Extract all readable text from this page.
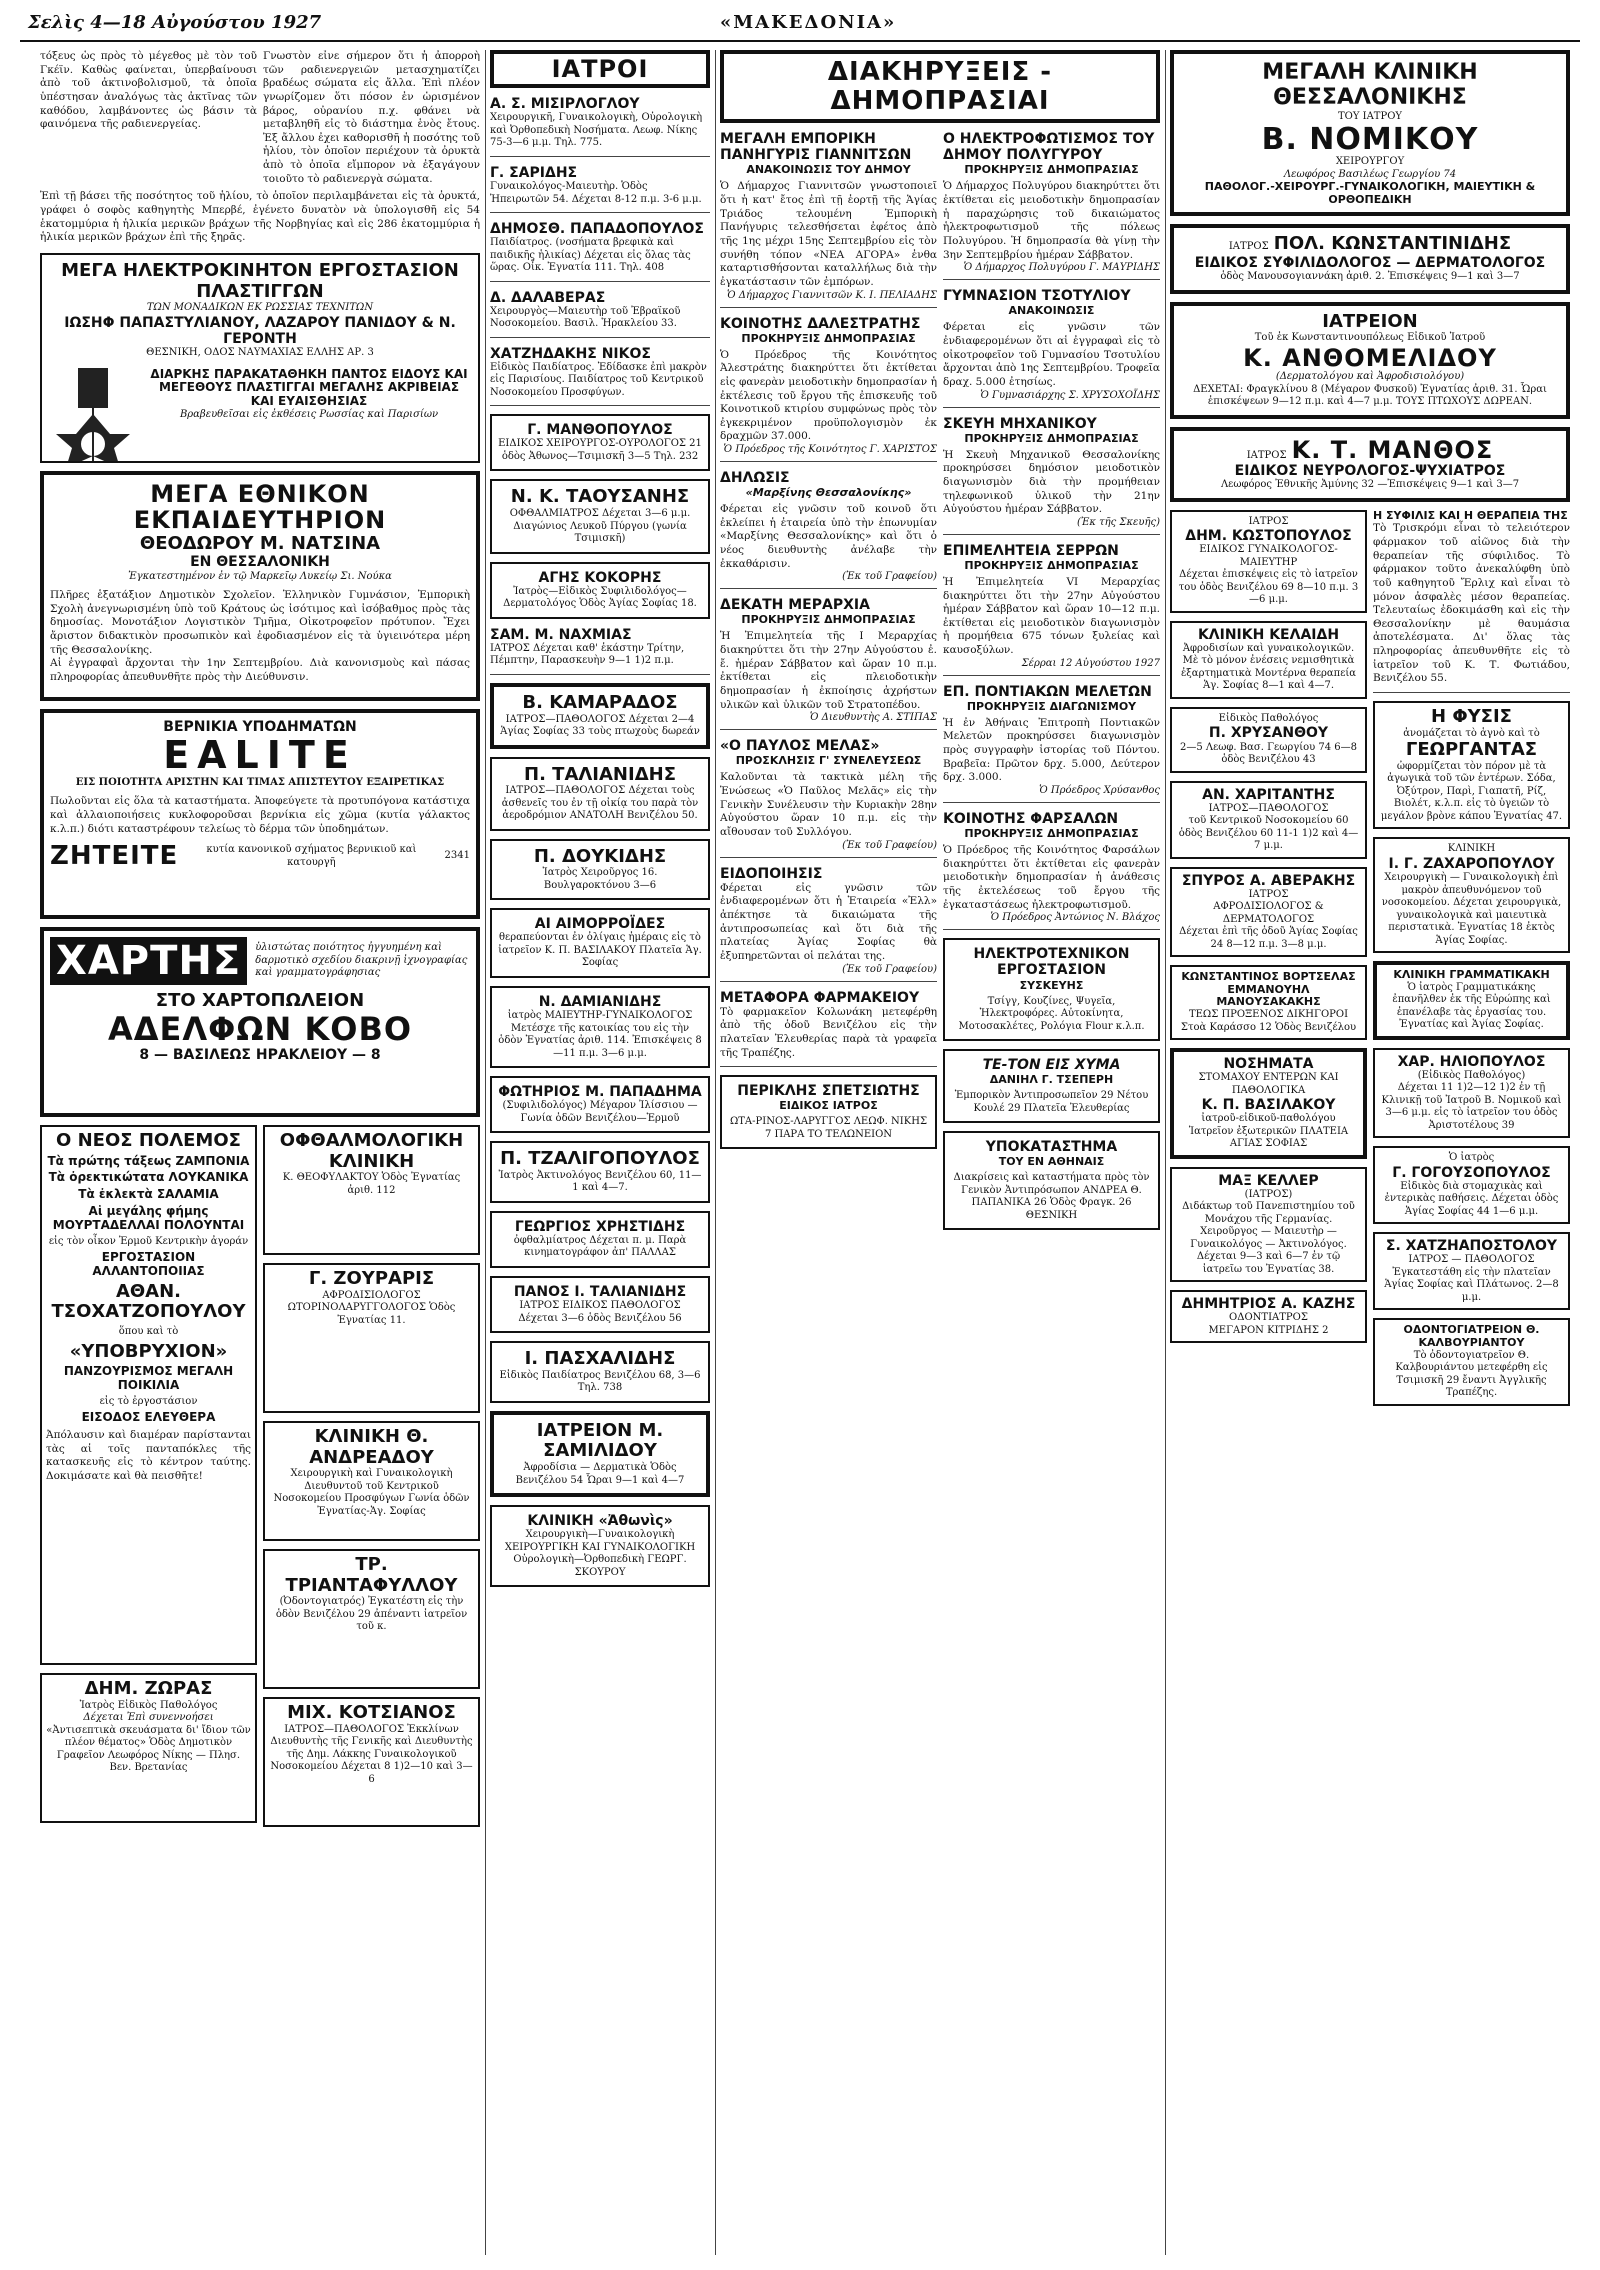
Σελὶς 4—18 Αὐγούστου 1927	«ΜΑΚΕΔΟΝΙΑ»
τόξευς ὡς πρὸς τὸ μέγεθος μὲ τὸν τοῦ Γκέϊν. Καθὼς φαίνεται, ὑπερβαίνουσι ἀπὸ τοῦ ἀκτινοβολισμοῦ, τὰ ὁποῖα ὑπέστησαν ἀναλόγως τὰς ἀκτῖνας τῶν καθόδου, λαμβάνοντες ὡς βάσιν τὰ φαινόμενα τῆς ραδιενεργείας.
Γνωστὸν εἶνε σήμερον ὅτι ἡ ἀπορροὴ τῶν ραδιενεργειῶν μετασχηματίζει βραδέως σώματα εἰς ἄλλα. Ἐπὶ πλέον γνωρίζομεν ὅτι πόσον ἐν ὡρισμένον βάρος, οὐρανίου π.χ. φθάνει νὰ μεταβληθῆ εἰς τὸ διάστημα ἑνὸς ἔτους. Ἐξ ἄλλου ἐχει καθορισθῆ ἡ ποσότης τοῦ ἡλίου, τὸν ὁποῖον περιέχουν τὰ ὀρυκτὰ ἀπὸ τὸ ὁποῖα εἴμπορον νὰ ἐξαγάγουν τοιοῦτο τὸ ραδιενεργὰ σώματα.
Ἐπὶ τῇ βάσει τῆς ποσότητος τοῦ ἡλίου, τὸ ὁποῖον περιλαμβάνεται εἰς τὰ ὀρυκτά, γράφει ὁ σοφὸς καθηγητὴς Μπερβέ, ἐγένετο δυνατὸν νὰ ὑπολογισθῆ εἰς 54 ἑκατομμύρια ἡ ἡλικία μερικῶν βράχων τῆς Νορβηγίας καὶ εἰς 286 ἑκατομμύρια ἡ ἡλικία μερικῶν βράχων ἐπὶ τῆς ξηρᾶς.
ΜΕΓΑ ΗΛΕΚΤΡΟΚΙΝΗΤΟΝ ΕΡΓΟΣΤΑΣΙΟΝ ΠΛΑΣΤΙΓΓΩΝ
ΤΩΝ ΜΟΝΑΔΙΚΩΝ ΕΚ ΡΩΣΣΙΑΣ ΤΕΧΝΙΤΩΝ
ΙΩΣΗΦ ΠΑΠΑΣΤΥΛΙΑΝΟΥ, ΛΑΖΑΡΟΥ ΠΑΝΙΔΟΥ & Ν. ΓΕΡΟΝΤΗ
ΘΕΣΝΙΚΗ, ΟΔΟΣ ΝΑΥΜΑΧΙΑΣ ΕΛΛΗΣ ΑΡ. 3
ΔΙΑΡΚΗΣ ΠΑΡΑΚΑΤΑΘΗΚΗ ΠΑΝΤΟΣ ΕΙΔΟΥΣ ΚΑΙ ΜΕΓΕΘΟΥΣ ΠΛΑΣΤΙΓΓΑΙ ΜΕΓΑΛΗΣ ΑΚΡΙΒΕΙΑΣ ΚΑΙ ΕΥΑΙΣΘΗΣΙΑΣ
Βραβευθεῖσαι εἰς ἐκθέσεις Ρωσσίας καὶ Παρισίων
ΜΕΓΑ ΕΘΝΙΚΟΝ ΕΚΠΑΙΔΕΥΤΗΡΙΟΝ
ΘΕΟΔΩΡΟΥ Μ. ΝΑΤΣΙΝΑ
ΕΝ ΘΕΣΣΑΛΟΝΙΚΗ
Ἐγκατεστημένον ἐν τῷ Μαρκεῖῳ Λυκείῳ Σι. Νούκα
Πλῆρες ἑξατάξιον Δημοτικὸν Σχολεῖον. Ἑλληνικὸν Γυμνάσιον, Ἐμπορικὴ Σχολὴ ἀνεγνωρισμένη ὑπὸ τοῦ Κράτους ὡς ἰσότιμος καὶ ἰσόβαθμος πρὸς τὰς δημοσίας. Μονοτάξιον Λογιστικὸν Τμῆμα, Οἰκοτροφεῖον πρότυπον. Ἔχει ἄριστον διδακτικὸν προσωπικὸν καὶ ἐφοδιασμένον εἰς τὰ ὑγιεινότερα μέρη τῆς Θεσσαλονίκης.
Αἱ ἐγγραφαὶ ἄρχονται τὴν 1ην Σεπτεμβρίου. Διὰ κανονισμοὺς καὶ πάσας πληροφορίας ἀπευθυνθῆτε πρὸς τὴν Διεύθυνσιν.
ΒΕΡΝΙΚΙΑ ΥΠΟΔΗΜΑΤΩΝ
EALITE
ΕΙΣ ΠΟΙΟΤΗΤΑ ΑΡΙΣΤΗΝ ΚΑΙ ΤΙΜΑΣ ΑΠΙΣΤΕΥΤΟΥ ΕΞΑΙΡΕΤΙΚΑΣ
Πωλοῦνται εἰς ὅλα τὰ καταστήματα. Ἀποφεύγετε τὰ προτυπόγονα κατάστιχα καὶ ἀλλαιοποιήσεις κυκλοφοροῦσαι βερνίκια εἰς χῶμα (κυτία γάλακτος κ.λ.π.) διότι καταστρέφουν τελείως τὸ δέρμα τῶν ὑποδημάτων.
ΖΗΤΕΙΤΕ	κυτία κανονικοῦ σχήματος βερνικιοῦ καὶ κατουργῆ
2341
ΧΑΡΤΗΣ	ὑλιστώτας ποιότητος ἠγγυημένη καὶ δαρμοτικὸ σχεδίου διακρινῇ ἰχνογραφίας καὶ γραμματογράφησιας
ΣΤΟ ΧΑΡΤΟΠΩΛΕΙΟΝ
ΑΔΕΛΦΩΝ ΚΟΒΟ
8 — ΒΑΣΙΛΕΩΣ ΗΡΑΚΛΕΙΟΥ — 8
Ο ΝΕΟΣ ΠΟΛΕΜΟΣ
Τὰ πρώτης τάξεως ΖΑΜΠΟΝΙΑ
Τὰ ὀρεκτικώτατα ΛΟΥΚΑΝΙΚΑ
Τὰ ἐκλεκτὰ ΣΑΛΑΜΙΑ
Αἱ μεγάλης φήμης ΜΟΥΡΤΑΔΕΛΛΑΙ ΠΟΛΟΥΝΤΑΙ
εἰς τὸν οἶκον Ἐρμοῦ Κεντρικὴν ἀγοράν
ΕΡΓΟΣΤΑΣΙΟΝ ΑΛΛΑΝΤΟΠΟΙΙΑΣ
ΑΘΑΝ. ΤΣΟΧΑΤΖΟΠΟΥΛΟΥ
ὅπου καὶ τὸ
«ΥΠΟΒΡΥΧΙΟΝ»
ΠΑΝΖΟΥΡΙΣΜΟΣ ΜΕΓΑΛΗ ΠΟΙΚΙΛΙΑ
εἰς τὸ ἐργοστάσιον
ΕΙΣΟΔΟΣ ΕΛΕΥΘΕΡΑ
Ἀπόλαυσιν καὶ διαμέραν παρίστανται τὰς αἱ τοῖς πανταπόκλες τῆς κατασκευῆς εἰς τὸ κέντρον ταύτης. Δοκιμάσατε καὶ θὰ πεισθῆτε!
ΔΗΜ. ΖΩΡΑΣ
Ἰατρὸς Εἰδικὸς Παθολόγος
Δέχεται Ἐπὶ συνεννοήσει
«Ἀντισεπτικὰ σκευάσματα δι' ἴδιον τῶν πλέον θέματος» Ὁδὸς Δημοτικὸν Γραφεῖον Λεωφόρος Νίκης — Πλησ. Βεν. Βρετανίας
ΟΦΘΑΛΜΟΛΟΓΙΚΗ ΚΛΙΝΙΚΗ
Κ. ΘΕΟΦΥΛΑΚΤΟΥ Ὁδὸς Ἐγνατίας ἀριθ. 112
Γ. ΖΟΥΡΑΡΙΣ
ΑΦΡΟΔΙΣΙΟΛΟΓΟΣ ΩΤΟΡΙΝΟΛΑΡΥΓΓΟΛΟΓΟΣ Ὁδὸς Ἐγνατίας 11.
ΚΛΙΝΙΚΗ Θ. ΑΝΔΡΕΑΔΟΥ
Χειρουργικὴ καὶ Γυναικολογικὴ Διευθυντοῦ τοῦ Κεντρικοῦ Νοσοκομείου Προσφύγων Γωνία ὁδῶν Ἐγνατίας-Ἁγ. Σοφίας
ΤΡ. ΤΡΙΑΝΤΑΦΥΛΛΟΥ
(Ὀδοντογιατρός) Ἐγκατέστη εἰς τὴν ὁδὸν Βενιζέλου 29 ἀπέναντι ἰατρεῖον τοῦ κ.
ΜΙΧ. ΚΟΤΣΙΑΝΟΣ
ΙΑΤΡΟΣ—ΠΑΘΟΛΟΓΟΣ Ἐκκλίνων Διευθυντὴς τῆς Γενικῆς καὶ Διευθυντὴς τῆς Δημ. Λάκκης Γυναικολογικοῦ Νοσοκομείου Δέχεται 8 1)2—10 καὶ 3—6
ΙΑΤΡΟΙ
Α. Σ. ΜΙΣΙΡΛΟΓΛΟΥ
Χειρουργικῆ, Γυναικολογικὴ, Οὐρολογικὴ καὶ Ὀρθοπεδικὴ Νοσήματα. Λεωφ. Νίκης 75-3—6 μ.μ. Τηλ. 775.
Γ. ΣΑΡΙΔΗΣ
Γυναικολόγος-Μαιευτὴρ. Ὁδὸς Ἠπειρωτῶν 54. Δέχεται 8-12 π.μ. 3-6 μ.μ.
ΔΗΜΟΣΘ. ΠΑΠΑΔΟΠΟΥΛΟΣ
Παιδίατρος. (νοσήματα βρεφικὰ καὶ παιδικῆς ἡλικίας) Δέχεται εἰς ὅλας τὰς ὥρας. Οἶκ. Ἐγνατία 111. Τηλ. 408
Δ. ΔΑΛΑΒΕΡΑΣ
Χειρουργὸς—Μαιευτὴρ τοῦ Ἐβραϊκοῦ Νοσοκομείου. Βασιλ. Ἡρακλείου 33.
ΧΑΤΖΗΔΑΚΗΣ ΝΙΚΟΣ
Εἰδικὸς Παιδίατρος. Ἐδίδασκε ἐπὶ μακρὸν εἰς Παρισίους. Παιδίατρος τοῦ Κεντρικοῦ Νοσοκομείου Προσφύγων.
Γ. ΜΑΝΘΟΠΟΥΛΟΣ
ΕΙΔΙΚΟΣ ΧΕΙΡΟΥΡΓΟΣ-ΟΥΡΟΛΟΓΟΣ 21 ὁδὸς Ἀθωνος—Τσιμισκῆ 3—5 Τηλ. 232
Ν. Κ. ΤΑΟΥΣΑΝΗΣ
ΟΦΘΑΛΜΙΑΤΡΟΣ Δέχεται 3—6 μ.μ. Διαγώνιος Λευκοῦ Πύργου (γωνία Τσιμισκῆ)
ΑΓΗΣ ΚΟΚΟΡΗΣ
Ἰατρὸς—Εἰδικὸς Συφιλιδολόγος—Δερματολόγος Ὁδὸς Ἁγίας Σοφίας 18.
ΣΑΜ. Μ. ΝΑΧΜΙΑΣ
ΙΑΤΡΟΣ Δέχεται καθ' ἑκάστην Τρίτην, Πέμπτην, Παρασκευὴν 9—1 1)2 π.μ.
Β. ΚΑΜΑΡΑΔΟΣ
ΙΑΤΡΟΣ—ΠΑΘΟΛΟΓΟΣ Δέχεται 2—4 Ἁγίας Σοφίας 33 τοὺς πτωχοὺς δωρεάν
Π. ΤΑΛΙΑΝΙΔΗΣ
ΙΑΤΡΟΣ—ΠΑΘΟΛΟΓΟΣ Δέχεται τοὺς ἀσθενεῖς του ἐν τῇ οἰκίᾳ του παρὰ τὸν ἀεροδρόμιον ΑΝΑΤΟΛΗ Βενιζέλου 50.
Π. ΔΟΥΚΙΔΗΣ
Ἰατρὸς Χειροῦργος 16. Βουλγαροκτόνου 3—6
ΑΙ ΑΙΜΟΡΡΟΪΔΕΣ
θεραπεύονται ἐν ὀλίγαις ἡμέραις εἰς τὸ ἰατρεῖον Κ. Π. ΒΑΣΙΛΑΚΟΥ Πλατεῖα Ἁγ. Σοφίας
Ν. ΔΑΜΙΑΝΙΔΗΣ
ἰατρὸς ΜΑΙΕΥΤΗΡ-ΓΥΝΑΙΚΟΛΟΓΟΣ Μετέσχε τῆς κατοικίας του εἰς τὴν ὁδὸν Ἐγνατίας ἀριθ. 114. Ἐπισκέψεις 8—11 π.μ. 3—6 μ.μ.
ΦΩΤΗΡΙΟΣ Μ. ΠΑΠΑΔΗΜΑ
(Συφιλιδολόγος) Μέγαρον Ἰλίσσιου — Γωνία ὁδῶν Βενιζέλου—Ἑρμοῦ
Π. ΤΖΑΛΙΓΟΠΟΥΛΟΣ
Ἰατρὸς Ἀκτινολόγος Βενιζέλου 60, 11—1 καὶ 4—7.
ΓΕΩΡΓΙΟΣ ΧΡΗΣΤΙΔΗΣ
ὀφθαλμίατρος Δέχεται π. μ. Παρὰ κινηματογράφον ἀπ' ΠΑΛΛΑΣ
ΠΑΝΟΣ Ι. ΤΑΛΙΑΝΙΔΗΣ
ΙΑΤΡΟΣ ΕΙΔΙΚΟΣ ΠΑΘΟΛΟΓΟΣ Δέχεται 3—6 ὁδὸς Βενιζέλου 56
Ι. ΠΑΣΧΑΛΙΔΗΣ
Εἰδικὸς Παιδίατρος Βενιζέλου 68, 3—6 Τηλ. 738
ΙΑΤΡΕΙΟΝ Μ. ΣΑΜΙΛΙΔΟΥ
Ἀφροδίσια — Δερματικὰ Ὁδὸς Βενιζέλου 54 Ὧραι 9—1 καὶ 4—7
ΚΛΙΝΙΚΗ «Ἀθωνὶς»
Χειρουργικὴ—Γυναικολογικὴ ΧΕΙΡΟΥΡΓΙΚΗ ΚΑΙ ΓΥΝΑΙΚΟΛΟΓΙΚΗ Οὐρολογικὴ—Ὀρθοπεδικὴ ΓΕΩΡΓ. ΣΚΟΥΡΟΥ
ΔΙΑΚΗΡΥΞΕΙΣ - ΔΗΜΟΠΡΑΣΙΑΙ
ΜΕΓΑΛΗ ΕΜΠΟΡΙΚΗ ΠΑΝΗΓΥΡΙΣ ΓΙΑΝΝΙΤΣΩΝ
ΑΝΑΚΟΙΝΩΣΙΣ ΤΟΥ ΔΗΜΟΥ
Ὁ Δήμαρχος Γιαννιτσῶν γνωστοποιεῖ ὅτι ἡ κατ' ἔτος ἐπὶ τῇ ἑορτῇ τῆς Ἁγίας Τριάδος τελουμένη Ἐμπορικὴ Πανήγυρις τελεσθήσεται ἐφέτος ἀπὸ τῆς 1ης μέχρι 15ης Σεπτεμβρίου εἰς τὸν συνήθη τόπον «ΝΕΑ ΑΓΟΡΑ» ἐνθα καταρτισθήσονται καταλλήλως διὰ τὴν ἐγκατάστασιν τῶν ἐμπόρων.
Ὁ Δήμαρχος Γιαννιτσῶν Κ. Ι. ΠΕΛΙΑΔΗΣ
ΚΟΙΝΟΤΗΣ ΔΑΛΕΣΤΡΑΤΗΣ
ΠΡΟΚΗΡΥΞΙΣ ΔΗΜΟΠΡΑΣΙΑΣ
Ὁ Πρόεδρος τῆς Κοινότητος Ἀλεστράτης διακηρύττει ὅτι ἐκτίθεται εἰς φανερὰν μειοδοτικὴν δημοπρασίαν ἡ ἐκτέλεσις τοῦ ἔργου τῆς ἐπισκευῆς τοῦ Κοινοτικοῦ κτιρίου συμφώνως πρὸς τὸν ἐγκεκριμένον προϋπολογισμὸν ἐκ δραχμῶν 37.000.
Ὁ Πρόεδρος τῆς Κοινότητος Γ. ΧΑΡΙΣΤΟΣ
ΔΗΛΩΣΙΣ
«Μαρξίνης Θεσσαλονίκης»
Φέρεται εἰς γνῶσιν τοῦ κοινοῦ ὅτι ἐκλείπει ἡ ἐταιρεία ὑπὸ τὴν ἐπωνυμίαν «Μαρξίνης Θεσσαλονίκης» καὶ ὅτι ὁ νέος διευθυντὴς ἀνέλαβε τὴν ἐκκαθάρισιν.
(Ἐκ τοῦ Γραφείου)
ΔΕΚΑΤΗ ΜΕΡΑΡΧΙΑ
ΠΡΟΚΗΡΥΞΙΣ ΔΗΜΟΠΡΑΣΙΑΣ
Ἡ Ἐπιμελητεία τῆς Ι Μεραρχίας διακηρύττει ὅτι τὴν 27ην Αὐγούστου ἐ. ἔ. ἡμέραν Σάββατον καὶ ὥραν 10 π.μ. ἐκτίθεται εἰς πλειοδοτικὴν δημοπρασίαν ἡ ἐκποίησις ἀχρήστων υλικῶν καὶ ὑλικῶν τοῦ Στρατοπέδου.
Ὁ Διευθυντὴς Α. ΣΤΙΠΑΣ
«Ο ΠΑΥΛΟΣ ΜΕΛΑΣ»
ΠΡΟΣΚΛΗΣΙΣ Γ' ΣΥΝΕΛΕΥΣΕΩΣ
Καλοῦνται τὰ τακτικὰ μέλη τῆς Ἑνώσεως «Ὁ Παῦλος Μελᾶς» εἰς τὴν Γενικὴν Συνέλευσιν τὴν Κυριακὴν 28ην Αὐγούστου ὥραν 10 π.μ. εἰς τὴν αἴθουσαν τοῦ Συλλόγου.
(Ἐκ τοῦ Γραφείου)
ΕΙΔΟΠΟΙΗΣΙΣ
Φέρεται εἰς γνῶσιν τῶν ἐνδιαφερομένων ὅτι ἡ Ἑταιρεία «Ἐλλ» ἀπέκτησε τὰ δικαιώματα τῆς ἀντιπροσωπείας καὶ ὅτι διὰ τῆς πλατείας Ἁγίας Σοφίας θὰ ἐξυπηρετῶνται οἱ πελάται της.
(Ἐκ τοῦ Γραφείου)
ΜΕΤΑΦΟΡΑ ΦΑΡΜΑΚΕΙΟΥ
Τὸ φαρμακεῖον Κολωνάκη μετεφέρθη ἀπὸ τῆς ὁδοῦ Βενιζέλου εἰς τὴν πλατεῖαν Ἐλευθερίας παρὰ τὰ γραφεῖα τῆς Τραπέζης.
ΠΕΡΙΚΛΗΣ ΣΠΕΤΣΙΩΤΗΣ
ΕΙΔΙΚΟΣ ΙΑΤΡΟΣ
ΩΤΑ-ΡΙΝΟΣ-ΛΑΡΥΓΓΟΣ ΛΕΩΦ. ΝΙΚΗΣ 7 ΠΑΡΑ ΤΟ ΤΕΛΩΝΕΙΟΝ
Ο ΗΛΕΚΤΡΟΦΩΤΙΣΜΟΣ ΤΟΥ ΔΗΜΟΥ ΠΟΛΥΓΥΡΟΥ
ΠΡΟΚΗΡΥΞΙΣ ΔΗΜΟΠΡΑΣΙΑΣ
Ὁ Δήμαρχος Πολυγύρου διακηρύττει ὅτι ἐκτίθεται εἰς μειοδοτικὴν δημοπρασίαν ἡ παραχώρησις τοῦ δικαιώματος ἡλεκτροφωτισμοῦ τῆς πόλεως Πολυγύρου. Ἡ δημοπρασία θὰ γίνῃ τὴν 3ην Σεπτεμβρίου ἡμέραν Σάββατον.
Ὁ Δήμαρχος Πολυγύρου Γ. ΜΑΥΡΙΔΗΣ
ΓΥΜΝΑΣΙΟΝ ΤΣΟΤΥΛΙΟΥ
ΑΝΑΚΟΙΝΩΣΙΣ
Φέρεται εἰς γνῶσιν τῶν ἐνδιαφερομένων ὅτι αἱ ἐγγραφαὶ εἰς τὸ οἰκοτροφεῖον τοῦ Γυμνασίου Τσοτυλίου ἄρχονται ἀπὸ 1ης Σεπτεμβρίου. Τροφεῖα δραχ. 5.000 ἐτησίως.
Ὁ Γυμνασιάρχης Σ. ΧΡΥΣΟΧΟΪΔΗΣ
ΣΚΕΥΗ ΜΗΧΑΝΙΚΟΥ
ΠΡΟΚΗΡΥΞΙΣ ΔΗΜΟΠΡΑΣΙΑΣ
Ἡ Σκευὴ Μηχανικοῦ Θεσσαλονίκης προκηρύσσει δημόσιον μειοδοτικὸν διαγωνισμὸν διὰ τὴν προμήθειαν τηλεφωνικοῦ ὑλικοῦ τὴν 21ην Αὐγούστου ἡμέραν Σάββατον.
(Ἐκ τῆς Σκευῆς)
ΕΠΙΜΕΛΗΤΕΙΑ ΣΕΡΡΩΝ
ΠΡΟΚΗΡΥΞΙΣ ΔΗΜΟΠΡΑΣΙΑΣ
Ἡ Ἐπιμελητεία VI Μεραρχίας διακηρύττει ὅτι τὴν 27ην Αὐγούστου ἡμέραν Σάββατον καὶ ὥραν 10—12 π.μ. ἐκτίθεται εἰς μειοδοτικὸν διαγωνισμὸν ἡ προμήθεια 675 τόνων ξυλείας καὶ καυσοξύλων.
Σέρραι 12 Αὐγούστου 1927
ΕΠ. ΠΟΝΤΙΑΚΩΝ ΜΕΛΕΤΩΝ
ΠΡΟΚΗΡΥΞΙΣ ΔΙΑΓΩΝΙΣΜΟΥ
Ἡ ἐν Ἀθήναις Ἐπιτροπὴ Ποντιακῶν Μελετῶν προκηρύσσει διαγωνισμὸν πρὸς συγγραφὴν ἱστορίας τοῦ Πόντου. Βραβεῖα: Πρῶτον δρχ. 5.000, Δεύτερον δρχ. 3.000.
Ὁ Πρόεδρος Χρύσανθος
ΚΟΙΝΟΤΗΣ ΦΑΡΣΑΛΩΝ
ΠΡΟΚΗΡΥΞΙΣ ΔΗΜΟΠΡΑΣΙΑΣ
Ὁ Πρόεδρος τῆς Κοινότητος Φαρσάλων διακηρύττει ὅτι ἐκτίθεται εἰς φανερὰν μειοδοτικὴν δημοπρασίαν ἡ ἀνάθεσις τῆς ἐκτελέσεως τοῦ ἔργου τῆς ἐγκαταστάσεως ἠλεκτροφωτισμοῦ.
Ὁ Πρόεδρος Ἀντώνιος Ν. Βλάχος
ΗΛΕΚΤΡΟΤΕΧΝΙΚΟΝ ΕΡΓΟΣΤΑΣΙΟΝ
ΣΥΣΚΕΥΗΣ
Τσίγγ, Κουζίνες, Ψυγεῖα, Ἠλεκτροφόρες. Αὐτοκίνητα, Μοτοσακλέτες, Ρολόγια Flour κ.λ.π.
ΤΕ-ΤΟΝ ΕΙΣ ΧΥΜΑ
ΔΑΝΙΗΛ Γ. ΤΣΕΠΕΡΗ
Ἐμπορικὸν Ἀντιπροσωπεῖον 29 Νέτου Κουλέ 29 Πλατεῖα Ἐλευθερίας
ΥΠΟΚΑΤΑΣΤΗΜΑ
ΤΟΥ ΕΝ ΑΘΗΝΑΙΣ
Διακρίσεις καὶ καταστήματα πρὸς τὸν Γενικὸν Ἀντιπρόσωπον ΑΝΔΡΕΑ Θ. ΠΑΠΑΝΙΚΑ 26 Ὁδὸς Φραγκ. 26 ΘΕΣΝΙΚΗ
ΜΕΓΑΛΗ ΚΛΙΝΙΚΗ ΘΕΣΣΑΛΟΝΙΚΗΣ
ΤΟΥ ΙΑΤΡΟΥ
Β. ΝΟΜΙΚΟΥ
ΧΕΙΡΟΥΡΓΟΥ
Λεωφόρος Βασιλέως Γεωργίου 74
ΠΑΘΟΛΟΓ.-ΧΕΙΡΟΥΡΓ.-ΓΥΝΑΙΚΟΛΟΓΙΚΗ, ΜΑΙΕΥΤΙΚΗ & ΟΡΘΟΠΕΔΙΚΗ
ΙΑΤΡΟΣ ΠΟΛ. ΚΩΝΣΤΑΝΤΙΝΙΔΗΣ
ΕΙΔΙΚΟΣ ΣΥΦΙΛΙΔΟΛΟΓΟΣ — ΔΕΡΜΑΤΟΛΟΓΟΣ
ὁδὸς Μανουσογιαννάκη ἀριθ. 2. Ἐπισκέψεις 9—1 καὶ 3—7
ΙΑΤΡΕΙΟΝ
Τοῦ ἐκ Κωνσταντινουπόλεως Εἰδικοῦ Ἰατροῦ
Κ. ΑΝΘΟΜΕΛΙΔΟΥ
(Δερματολόγου καὶ Ἀφροδισιολόγου)
ΔΕΧΕΤΑΙ: Φραγκλίνου 8 (Μέγαρον Φυσκοῦ) Ἐγνατίας ἀριθ. 31. Ὧραι ἐπισκέψεων 9—12 π.μ. καὶ 4—7 μ.μ. ΤΟΥΣ ΠΤΩΧΟΥΣ ΔΩΡΕΑΝ.
ΙΑΤΡΟΣ Κ. Τ. ΜΑΝΘΟΣ
ΕΙΔΙΚΟΣ ΝΕΥΡΟΛΟΓΟΣ-ΨΥΧΙΑΤΡΟΣ
Λεωφόρος Ἐθνικῆς Ἀμύνης 32 —Ἐπισκέψεις 9—1 καὶ 3—7
ΙΑΤΡΟΣ
ΔΗΜ. ΚΩΣΤΟΠΟΥΛΟΣ
ΕΙΔΙΚΟΣ ΓΥΝΑΙΚΟΛΟΓΟΣ-ΜΑΙΕΥΤΗΡ
Δέχεται ἐπισκέψεις εἰς τὸ ἰατρεῖον του ὁδὸς Βενιζέλου 69 8—10 π.μ. 3—6 μ.μ.
ΚΛΙΝΙΚΗ ΚΕΛΑΙΔΗ
Ἀφροδισίων καὶ γυναικολογικῶν. Μὲ τὸ μόνον ἐνέσεις νεμισθητικὰ ἐξαρτηματικὰ Μοντέρνα θεραπεία Ἁγ. Σοφίας 8—1 καὶ 4—7.
Εἰδικὸς Παθολόγος
Π. ΧΡΥΣΑΝΘΟΥ
2—5 Λεωφ. Βασ. Γεωργίου 74 6—8 ὁδὸς Βενιζέλου 43
ΑΝ. ΧΑΡΙΤΑΝΤΗΣ
ΙΑΤΡΟΣ—ΠΑΘΟΛΟΓΟΣ
τοῦ Κεντρικοῦ Νοσοκομείου 60 ὁδὸς Βενιζέλου 60 11-1 1)2 καὶ 4—7 μ.μ.
ΣΠΥΡΟΣ Α. ΑΒΕΡΑΚΗΣ
ΙΑΤΡΟΣ
ΑΦΡΟΔΙΣΙΟΛΟΓΟΣ & ΔΕΡΜΑΤΟΛΟΓΟΣ
Δέχεται ἐπὶ τῆς ὁδοῦ Ἁγίας Σοφίας 24 8—12 π.μ. 3—8 μ.μ.
ΚΩΝΣΤΑΝΤΙΝΟΣ ΒΟΡΤΣΕΛΑΣ
ΕΜΜΑΝΟΥΗΛ ΜΑΝΟΥΣΑΚΑΚΗΣ
ΤΕΩΣ ΠΡΟΞΕΝΟΣ ΔΙΚΗΓΟΡΟΙ
Στοὰ Καράσσο 12 Ὁδὸς Βενιζέλου
ΝΟΣΗΜΑΤΑ
ΣΤΟΜΑΧΟΥ ΕΝΤΕΡΩΝ ΚΑΙ ΠΑΘΟΛΟΓΙΚΑ
Κ. Π. ΒΑΣΙΛΑΚΟΥ
ἰατροῦ-εἰδικοῦ-παθολόγου Ἰατρεῖον ἐξωτερικῶν ΠΛΑΤΕΙΑ ΑΓΙΑΣ ΣΟΦΙΑΣ
ΜΑΞ ΚΕΛΛΕΡ
(ΙΑΤΡΟΣ)
Διδάκτωρ τοῦ Πανεπιστημίου τοῦ Μονάχου τῆς Γερμανίας. Χειροῦργος — Μαιευτὴρ — Γυναικολόγος — Ἀκτινολόγος. Δέχεται 9—3 καὶ 6—7 ἐν τῷ ἰατρεῖω του Ἐγνατίας 38.
ΔΗΜΗΤΡΙΟΣ Α. ΚΑΖΗΣ
ΟΔΟΝΤΙΑΤΡΟΣ
ΜΕΓΑΡΟΝ ΚΙΤΡΙΔΗΣ 2
Η ΣΥΦΙΛΙΣ ΚΑΙ Η ΘΕΡΑΠΕΙΑ ΤΗΣ
Τὸ Τρισκρόμι εἶναι τὸ τελειότερον φάρμακον τοῦ αἰῶνος διὰ τὴν θεραπείαν τῆς σύφιλιδος. Τὸ φάρμακον τοῦτο ἀνεκαλύφθη ὑπὸ τοῦ καθηγητοῦ Ἔρλιχ καὶ εἶναι τὸ μόνον ἀσφαλὲς μέσον θεραπείας. Τελευταίως ἐδοκιμάσθη καὶ εἰς τὴν Θεσσαλονίκην μὲ θαυμάσια ἀποτελέσματα. Δι' ὅλας τὰς πληροφορίας ἀπευθυνθῆτε εἰς τὸ ἰατρεῖον τοῦ Κ. Τ. Φωτιάδου, Βενιζέλου 55.
Η ΦΥΣΙΣ
ἀνομάζεται τὸ ἁγνὸ καὶ τὸ
ΓΕΩΡΓΑΝΤΑΣ
ὠφορμίζεται τὸν πόρον μὲ τὰ ἀγωγικὰ τοῦ τῶν ἐντέρων. Σόδα, Ὀξύτρον, Παρὶ, Γιαπατῆ, Ρίζ, Βιολέτ, κ.λ.π. εἰς τὸ ὑγειῶν τὸ μεγάλον βρὸνε κάπου Ἐγνατίας 47.
ΚΛΙΝΙΚΗ
Ι. Γ. ΖΑΧΑΡΟΠΟΥΛΟΥ
Χειρουργικὴ — Γυναικολογικὴ ἐπὶ μακρὸν ἀπευθυνόμενον τοῦ νοσοκομείου. Δέχεται χειρουργικὰ, γυναικολογικὰ καὶ μαιευτικὰ περιστατικὰ. Ἐγνατίας 18 ἐκτὸς Ἁγίας Σοφίας.
ΚΛΙΝΙΚΗ ΓΡΑΜΜΑΤΙΚΑΚΗ
Ὁ ἰατρὸς Γραμματικάκης ἐπανῆλθεν ἐκ τῆς Εὐρώπης καὶ ἐπανέλαβε τὰς ἐργασίας του. Ἐγνατίας καὶ Ἁγίας Σοφίας.
ΧΑΡ. ΗΛΙΟΠΟΥΛΟΣ
(Εἰδικὸς Παθολόγος)
Δέχεται 11 1)2—12 1)2 ἐν τῇ Κλινικῇ τοῦ Ἰατροῦ Β. Νομικοῦ καὶ 3—6 μ.μ. εἰς τὸ ἰατρεῖον του ὁδὸς Ἀριστοτέλους 39
Ὁ ἰατρὸς
Γ. ΓΟΓΟΥΣΟΠΟΥΛΟΣ
Εἰδικὸς διὰ στομαχικὰς καὶ ἐντερικὰς παθήσεις. Δέχεται ὁδὸς Ἁγίας Σοφίας 44 1—6 μ.μ.
Σ. ΧΑΤΖΗΑΠΟΣΤΟΛΟΥ
ΙΑΤΡΟΣ — ΠΑΘΟΛΟΓΟΣ
Ἐγκατεστάθη εἰς τὴν πλατεῖαν Ἁγίας Σοφίας καὶ Πλάτωνος. 2—8 μ.μ.
ΟΔΟΝΤΟΓΙΑΤΡΕΙΟΝ Θ. ΚΑΛΒΟΥΡΙΑΝΤΟΥ
Τὸ ὀδοντογιατρεῖον Θ. Καλβουριάντου μετεφέρθη εἰς Τσιμισκῆ 29 ἔναντι Ἀγγλικῆς Τραπέζης.
